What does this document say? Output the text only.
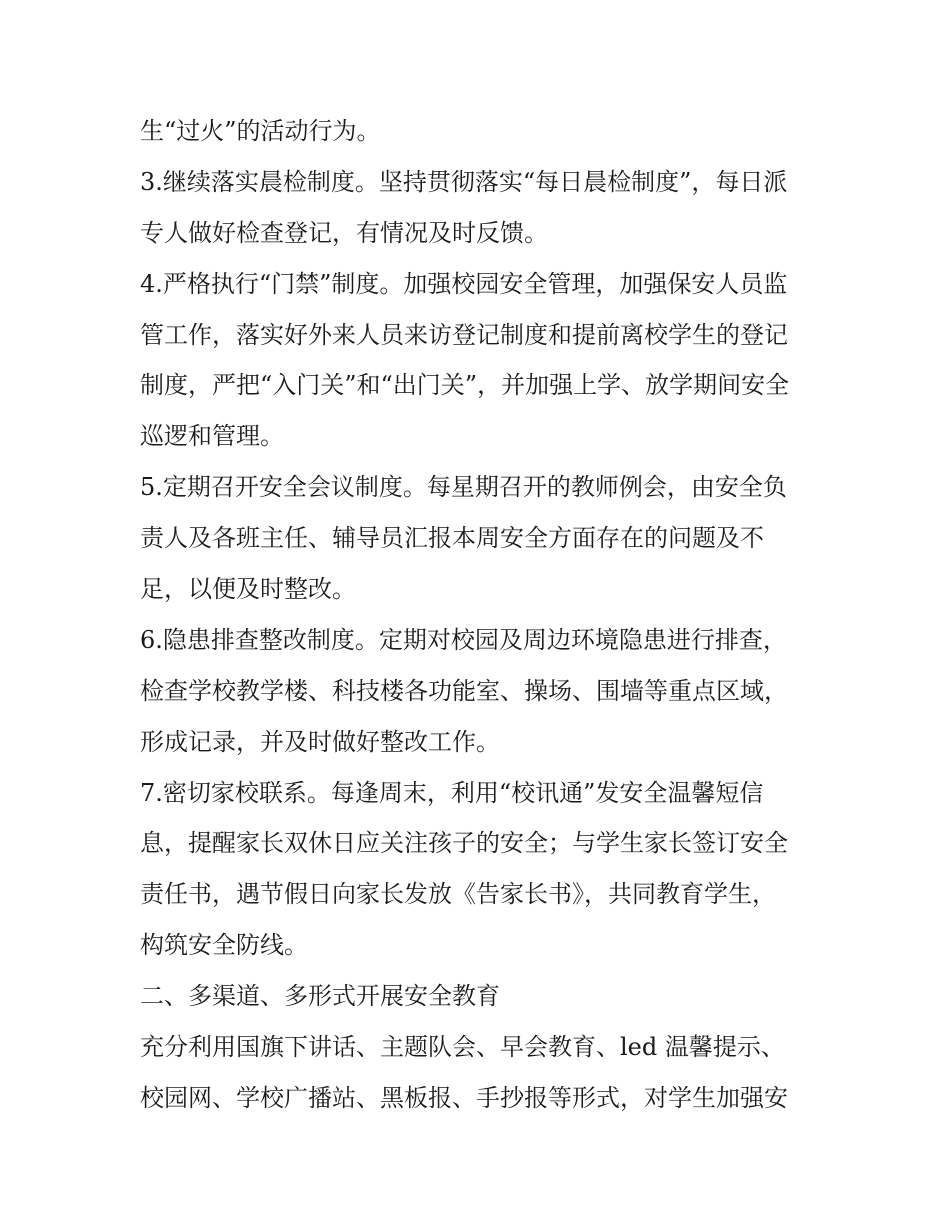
生“过火”的活动行为。
3.继续落实晨检制度。坚持贯彻落实“每日晨检制度”，每日派
专人做好检查登记，有情况及时反馈。
4.严格执行“门禁”制度。加强校园安全管理，加强保安人员监
管工作，落实好外来人员来访登记制度和提前离校学生的登记
制度，严把“入门关”和“出门关”，并加强上学、放学期间安全
巡逻和管理。
5.定期召开安全会议制度。每星期召开的教师例会，由安全负
责人及各班主任、辅导员汇报本周安全方面存在的问题及不
足，以便及时整改。
6.隐患排查整改制度。定期对校园及周边环境隐患进行排查，
检查学校教学楼、科技楼各功能室、操场、围墙等重点区域，
形成记录，并及时做好整改工作。
7.密切家校联系。每逢周末，利用“校讯通”发安全温馨短信
息，提醒家长双休日应关注孩子的安全；与学生家长签订安全
责任书，遇节假日向家长发放《告家长书》，共同教育学生，
构筑安全防线。
二、多渠道、多形式开展安全教育
充分利用国旗下讲话、主题队会、早会教育、led 温馨提示、
校园网、学校广播站、黑板报、手抄报等形式，对学生加强安
